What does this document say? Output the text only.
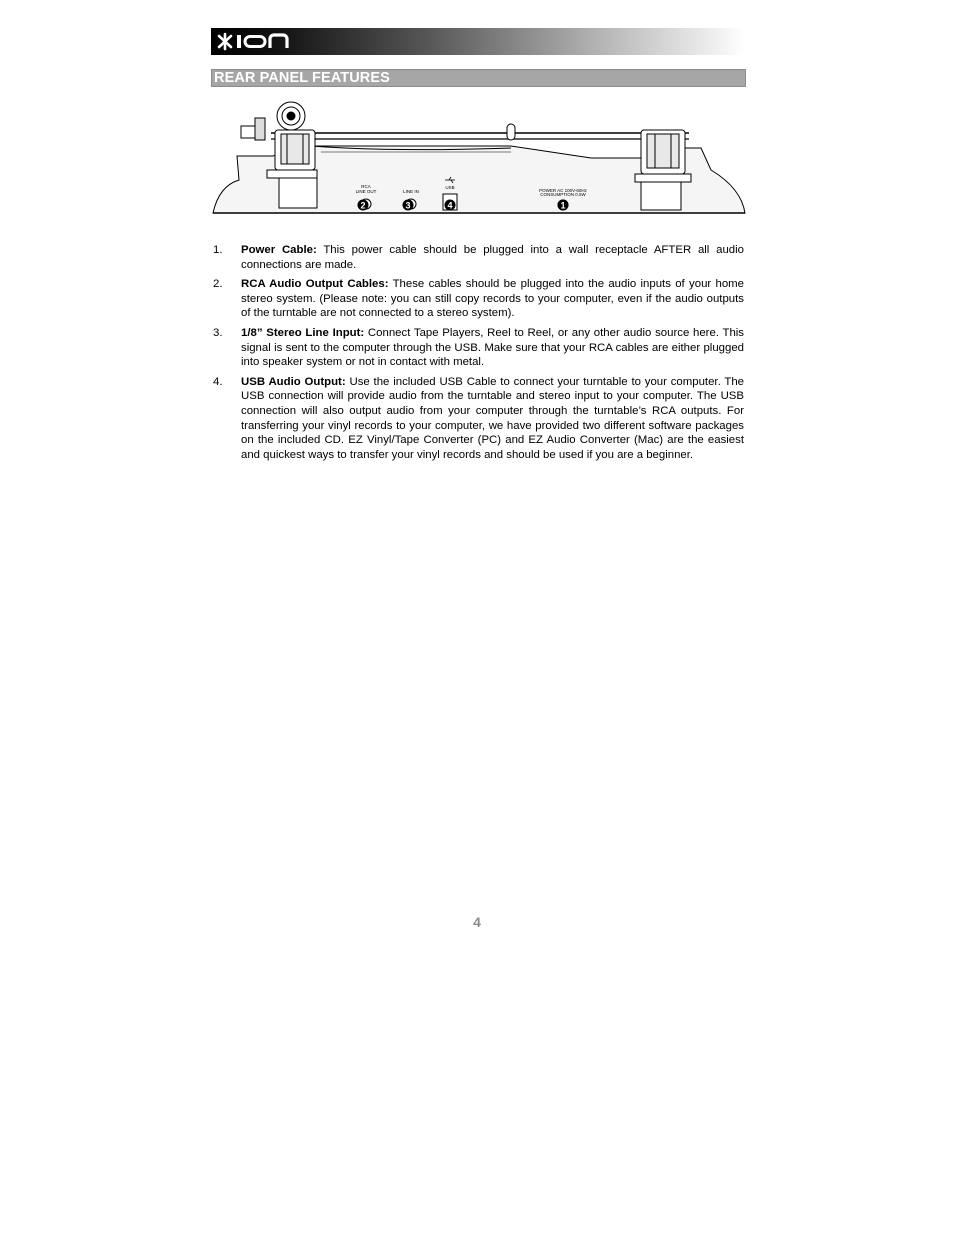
REAR PANEL FEATURES
RCA
LINE OUT	LINE IN
USB
POWER AC 100V-60Hz
CONSUMPTION 0.5W
2	3	4	1
1. Power Cable: This power cable should be plugged into a wall receptacle AFTER all audio connections are made.
2. RCA Audio Output Cables: These cables should be plugged into the audio inputs of your home stereo system. (Please note: you can still copy records to your computer, even if the audio outputs of the turntable are not connected to a stereo system).
3. 1/8” Stereo Line Input: Connect Tape Players, Reel to Reel, or any other audio source here. This signal is sent to the computer through the USB. Make sure that your RCA cables are either plugged into speaker system or not in contact with metal.
4. USB Audio Output: Use the included USB Cable to connect your turntable to your computer. The USB connection will provide audio from the turntable and stereo input to your computer. The USB connection will also output audio from your computer through the turntable’s RCA outputs. For transferring your vinyl records to your computer, we have provided two different software packages on the included CD. EZ Vinyl/Tape Converter (PC) and EZ Audio Converter (Mac) are the easiest and quickest ways to transfer your vinyl records and should be used if you are a beginner.
4
